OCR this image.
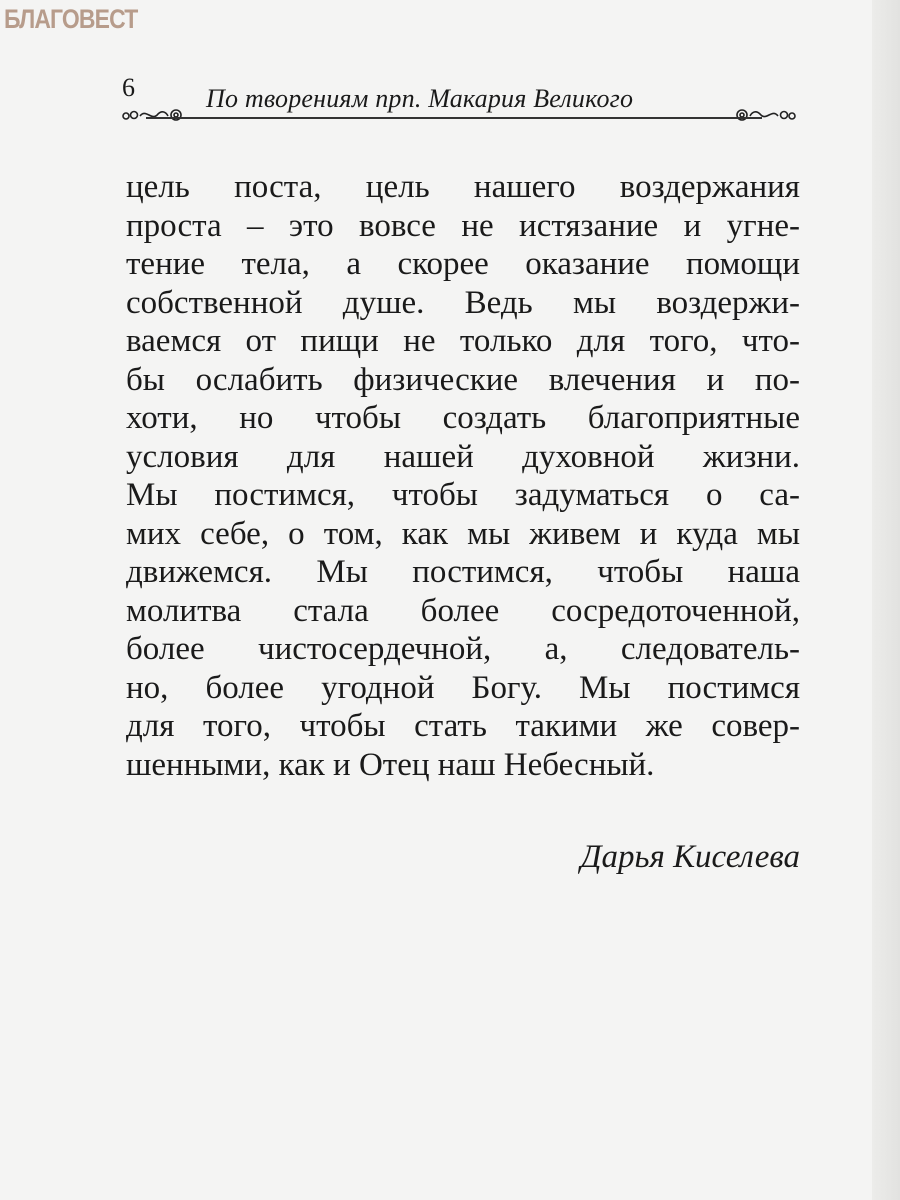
БЛАГОВЕСТ
6	По творениям прп. Макария Великого
цель поста, цель нашего воздержания
проста – это вовсе не истязание и угне-
тение тела, а скорее оказание помощи
собственной душе. Ведь мы воздержи-
ваемся от пищи не только для того, что-
бы ослабить физические влечения и по-
хоти, но чтобы создать благоприятные
условия для нашей духовной жизни.
Мы постимся, чтобы задуматься о са-
мих себе, о том, как мы живем и куда мы
движемся. Мы постимся, чтобы наша
молитва стала более сосредоточенной,
более чистосердечной, а, следователь-
но, более угодной Богу. Мы постимся
для того, чтобы стать такими же совер-
шенными, как и Отец наш Небесный.
Дарья Киселева
